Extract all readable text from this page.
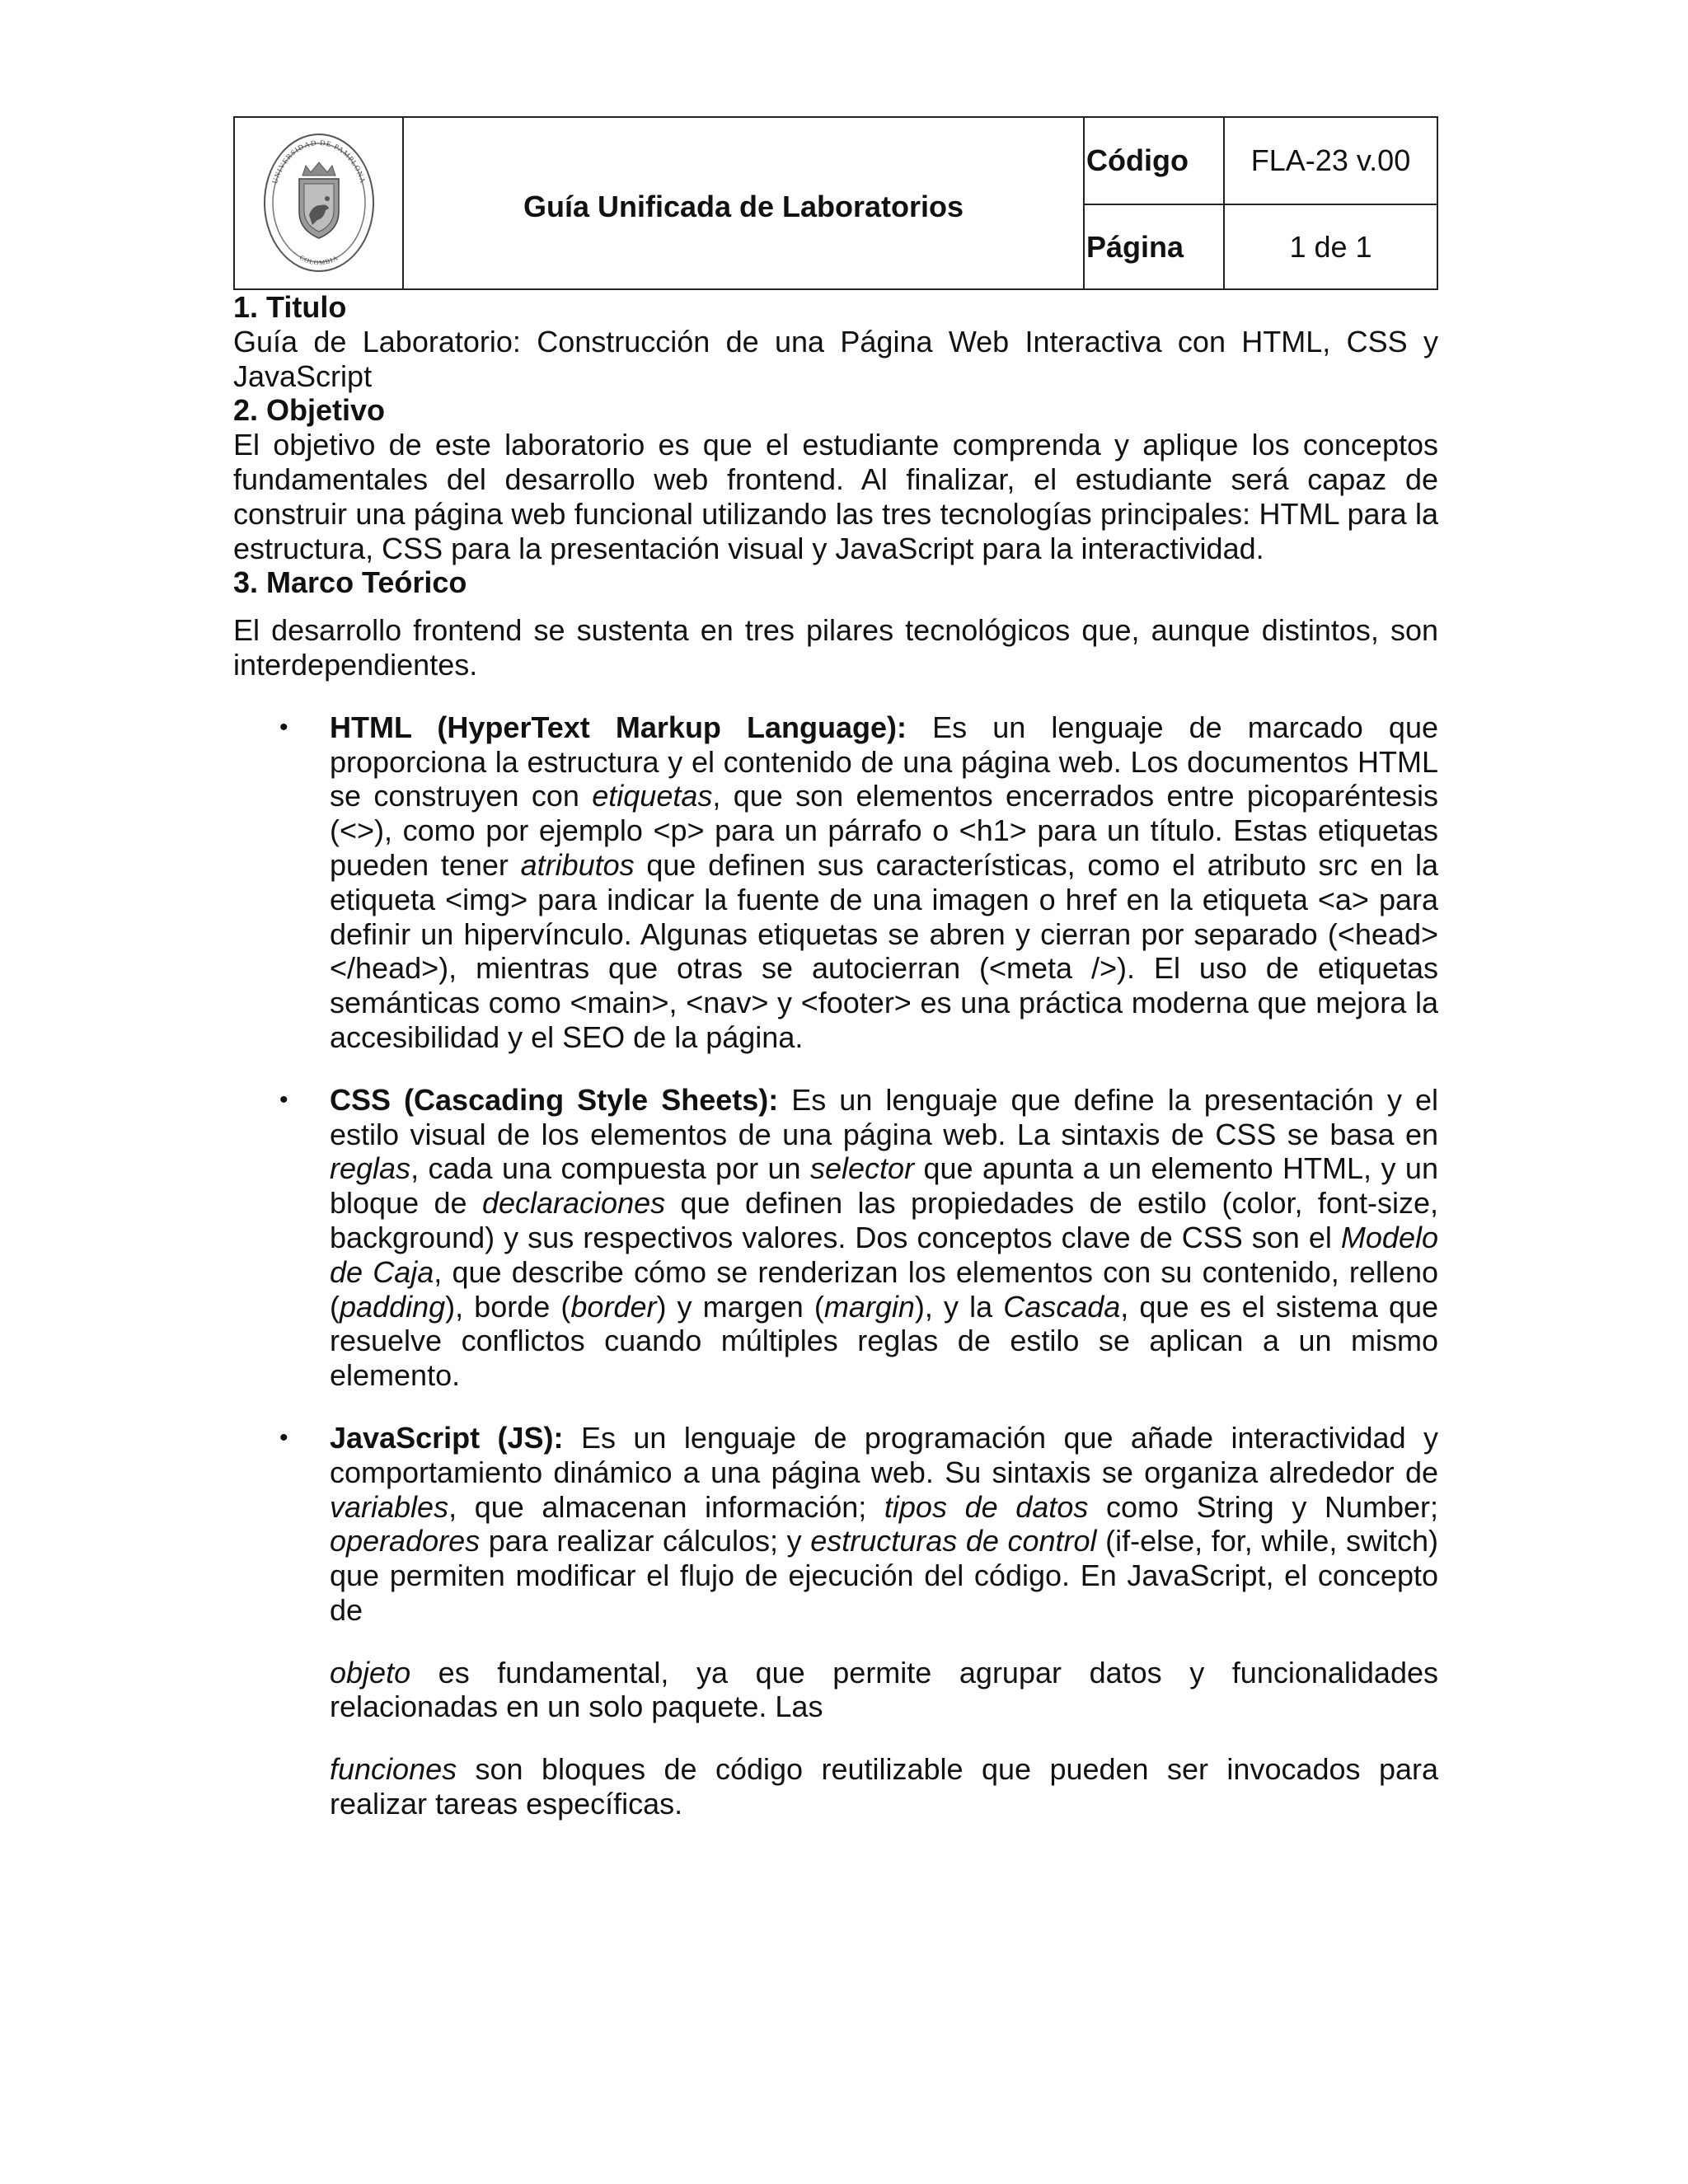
UNIVERSIDAD DE PAMPLONA
COLOMBIA
Guía Unificada de Laboratorios
Código FLA-23 v.00
Página	1 de 1

1. Titulo

Guía de Laboratorio: Construcción de una Página Web Interactiva con HTML, CSS y JavaScript

2. Objetivo

El objetivo de este laboratorio es que el estudiante comprenda y aplique los conceptos fundamentales del desarrollo web frontend. Al finalizar, el estudiante será capaz de construir una página web funcional utilizando las tres tecnologías principales: HTML para la estructura, CSS para la presentación visual y JavaScript para la interactividad.

3. Marco Teórico

El desarrollo frontend se sustenta en tres pilares tecnológicos que, aunque distintos, son interdependientes.

• HTML (HyperText Markup Language): Es un lenguaje de marcado que proporciona la estructura y el contenido de una página web. Los documentos HTML se construyen con etiquetas, que son elementos encerrados entre picoparéntesis (<>), como por ejemplo <p> para un párrafo o <h1> para un título. Estas etiquetas pueden tener atributos que definen sus características, como el atributo src en la etiqueta <img> para indicar la fuente de una imagen o href en la etiqueta <a> para definir un hipervínculo. Algunas etiquetas se abren y cierran por separado (<head></head>), mientras que otras se autocierran (<meta />). El uso de etiquetas semánticas como <main>, <nav> y <footer> es una práctica moderna que mejora la accesibilidad y el SEO de la página.

• CSS (Cascading Style Sheets): Es un lenguaje que define la presentación y el estilo visual de los elementos de una página web. La sintaxis de CSS se basa en reglas, cada una compuesta por un selector que apunta a un elemento HTML, y un bloque de declaraciones que definen las propiedades de estilo (color, font-size, background) y sus respectivos valores. Dos conceptos clave de CSS son el Modelo de Caja, que describe cómo se renderizan los elementos con su contenido, relleno (padding), borde (border) y margen (margin), y la Cascada, que es el sistema que resuelve conflictos cuando múltiples reglas de estilo se aplican a un mismo elemento.

• JavaScript (JS): Es un lenguaje de programación que añade interactividad y comportamiento dinámico a una página web. Su sintaxis se organiza alrededor de variables, que almacenan información; tipos de datos como String y Number; operadores para realizar cálculos; y estructuras de control (if-else, for, while, switch) que permiten modificar el flujo de ejecución del código. En JavaScript, el concepto de

objeto es fundamental, ya que permite agrupar datos y funcionalidades relacionadas en un solo paquete. Las

funciones son bloques de código reutilizable que pueden ser invocados para realizar tareas específicas.
